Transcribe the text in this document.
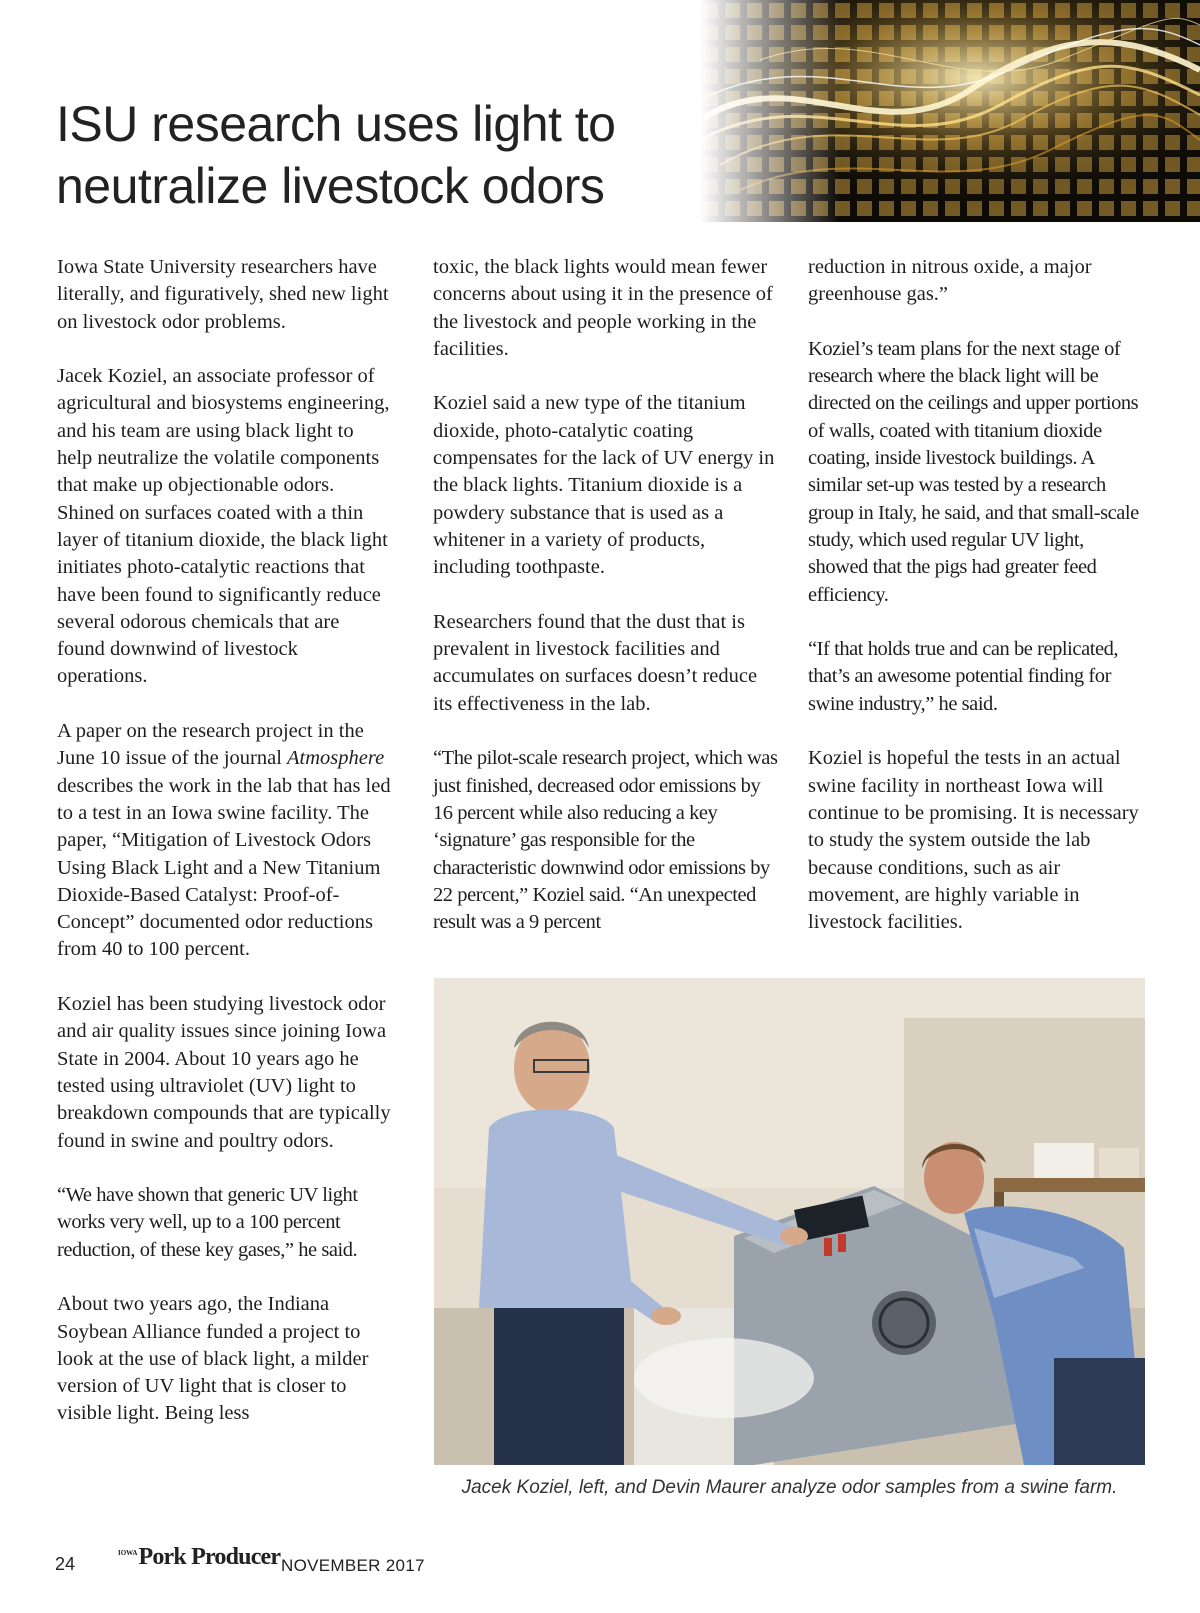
ISU research uses light to
neutralize livestock odors

Iowa State University researchers have literally, and figuratively, shed new light on livestock odor problems.

Jacek Koziel, an associate professor of agricultural and biosystems engineering, and his team are using black light to help neutralize the volatile components that make up objectionable odors. Shined on surfaces coated with a thin layer of titanium dioxide, the black light initiates photo-catalytic reactions that have been found to significantly reduce several odorous chemicals that are found downwind of livestock operations.

A paper on the research project in the June 10 issue of the journal Atmosphere describes the work in the lab that has led to a test in an Iowa swine facility. The paper, “Mitigation of Livestock Odors Using Black Light and a New Titanium Dioxide-Based Catalyst: Proof-of-Concept” documented odor reductions from 40 to 100 percent.

Koziel has been studying livestock odor and air quality issues since joining Iowa State in 2004. About 10 years ago he tested using ultraviolet (UV) light to breakdown compounds that are typically found in swine and poultry odors.

“We have shown that generic UV light works very well, up to a 100 percent reduction, of these key gases,” he said.

About two years ago, the Indiana Soybean Alliance funded a project to look at the use of black light, a milder version of UV light that is closer to visible light. Being less

toxic, the black lights would mean fewer concerns about using it in the presence of the livestock and people working in the facilities.

Koziel said a new type of the titanium dioxide, photo-catalytic coating compensates for the lack of UV energy in the black lights. Titanium dioxide is a powdery substance that is used as a whitener in a variety of products, including toothpaste.

Researchers found that the dust that is prevalent in livestock facilities and accumulates on surfaces doesn’t reduce its effectiveness in the lab.

“The pilot-scale research project, which was just finished, decreased odor emissions by 16 percent while also reducing a key ‘signature’ gas responsible for the characteristic downwind odor emissions by 22 percent,” Koziel said. “An unexpected result was a 9 percent

reduction in nitrous oxide, a major greenhouse gas.”

Koziel’s team plans for the next stage of research where the black light will be directed on the ceilings and upper portions of walls, coated with titanium dioxide coating, inside livestock buildings. A similar set-up was tested by a research group in Italy, he said, and that small-scale study, which used regular UV light, showed that the pigs had greater feed efficiency.

“If that holds true and can be replicated, that’s an awesome potential finding for swine industry,” he said.

Koziel is hopeful the tests in an actual swine facility in northeast Iowa will continue to be promising. It is necessary to study the system outside the lab because conditions, such as air movement, are highly variable in livestock facilities.

Jacek Koziel, left, and Devin Maurer analyze odor samples from a swine farm.
24
$^{IOWA}$Pork Producer NOVEMBER 2017
